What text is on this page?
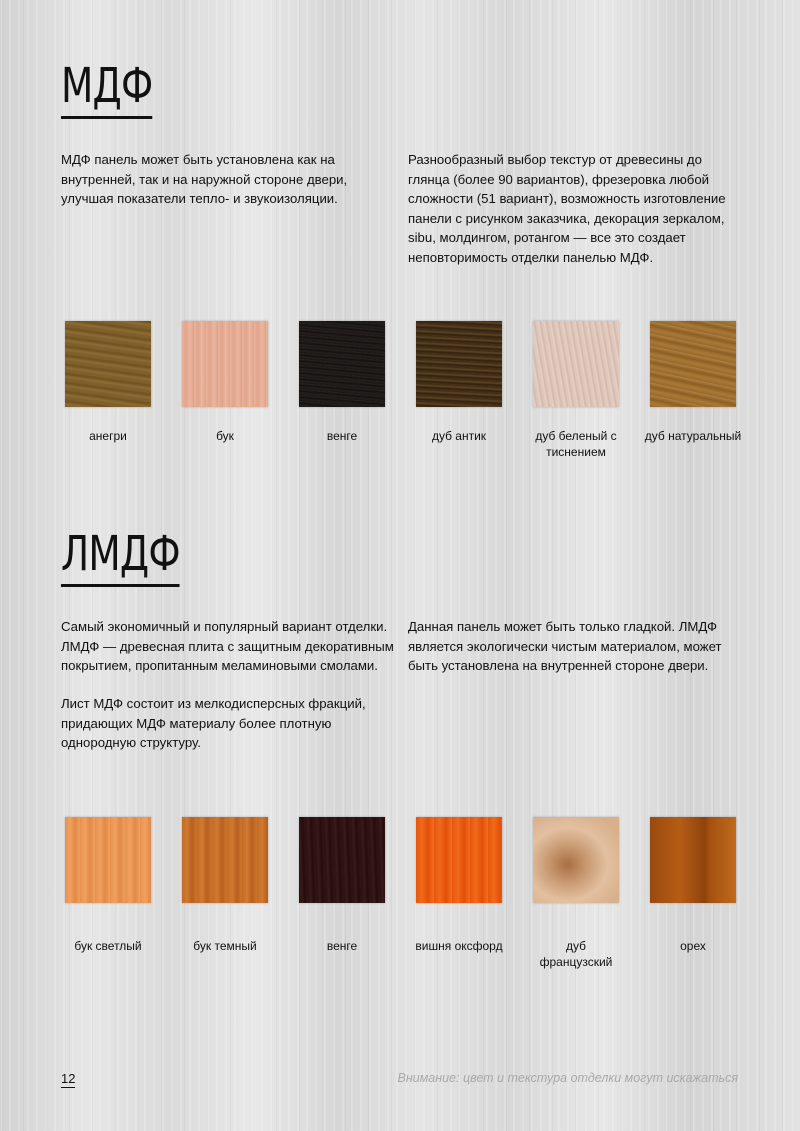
МДФ

МДФ панель может быть установлена как на внутренней, так и на наружной стороне двери, улучшая показатели тепло- и звукоизоляции.

Разнообразный выбор текстур от древесины до глянца (более 90 вариантов), фрезеровка любой сложности (51 вариант), возможность изготовление панели с рисунком заказчика, декорация зеркалом, sibu, молдингом, ротангом — все это создает неповторимость отделки панелью МДФ.

анегри	бук	венге	дуб антик	дуб беленый с тиснением
дуб натуральный
ЛМДФ

Самый экономичный и популярный вариант отделки. ЛМДФ — древесная плита с защитным декоративным покрытием, пропитанным меламиновыми смолами.

Лист МДФ состоит из мелкодисперсных фракций, придающих МДФ материалу более плотную однородную структуру.

Данная панель может быть только гладкой. ЛМДФ является экологически чистым материалом, может быть установлена на внутренней стороне двери.

бук светлый	бук темный	венге	вишня оксфорд	дуб французский
орех
12	Внимание: цвет и текстура отделки могут искажаться
